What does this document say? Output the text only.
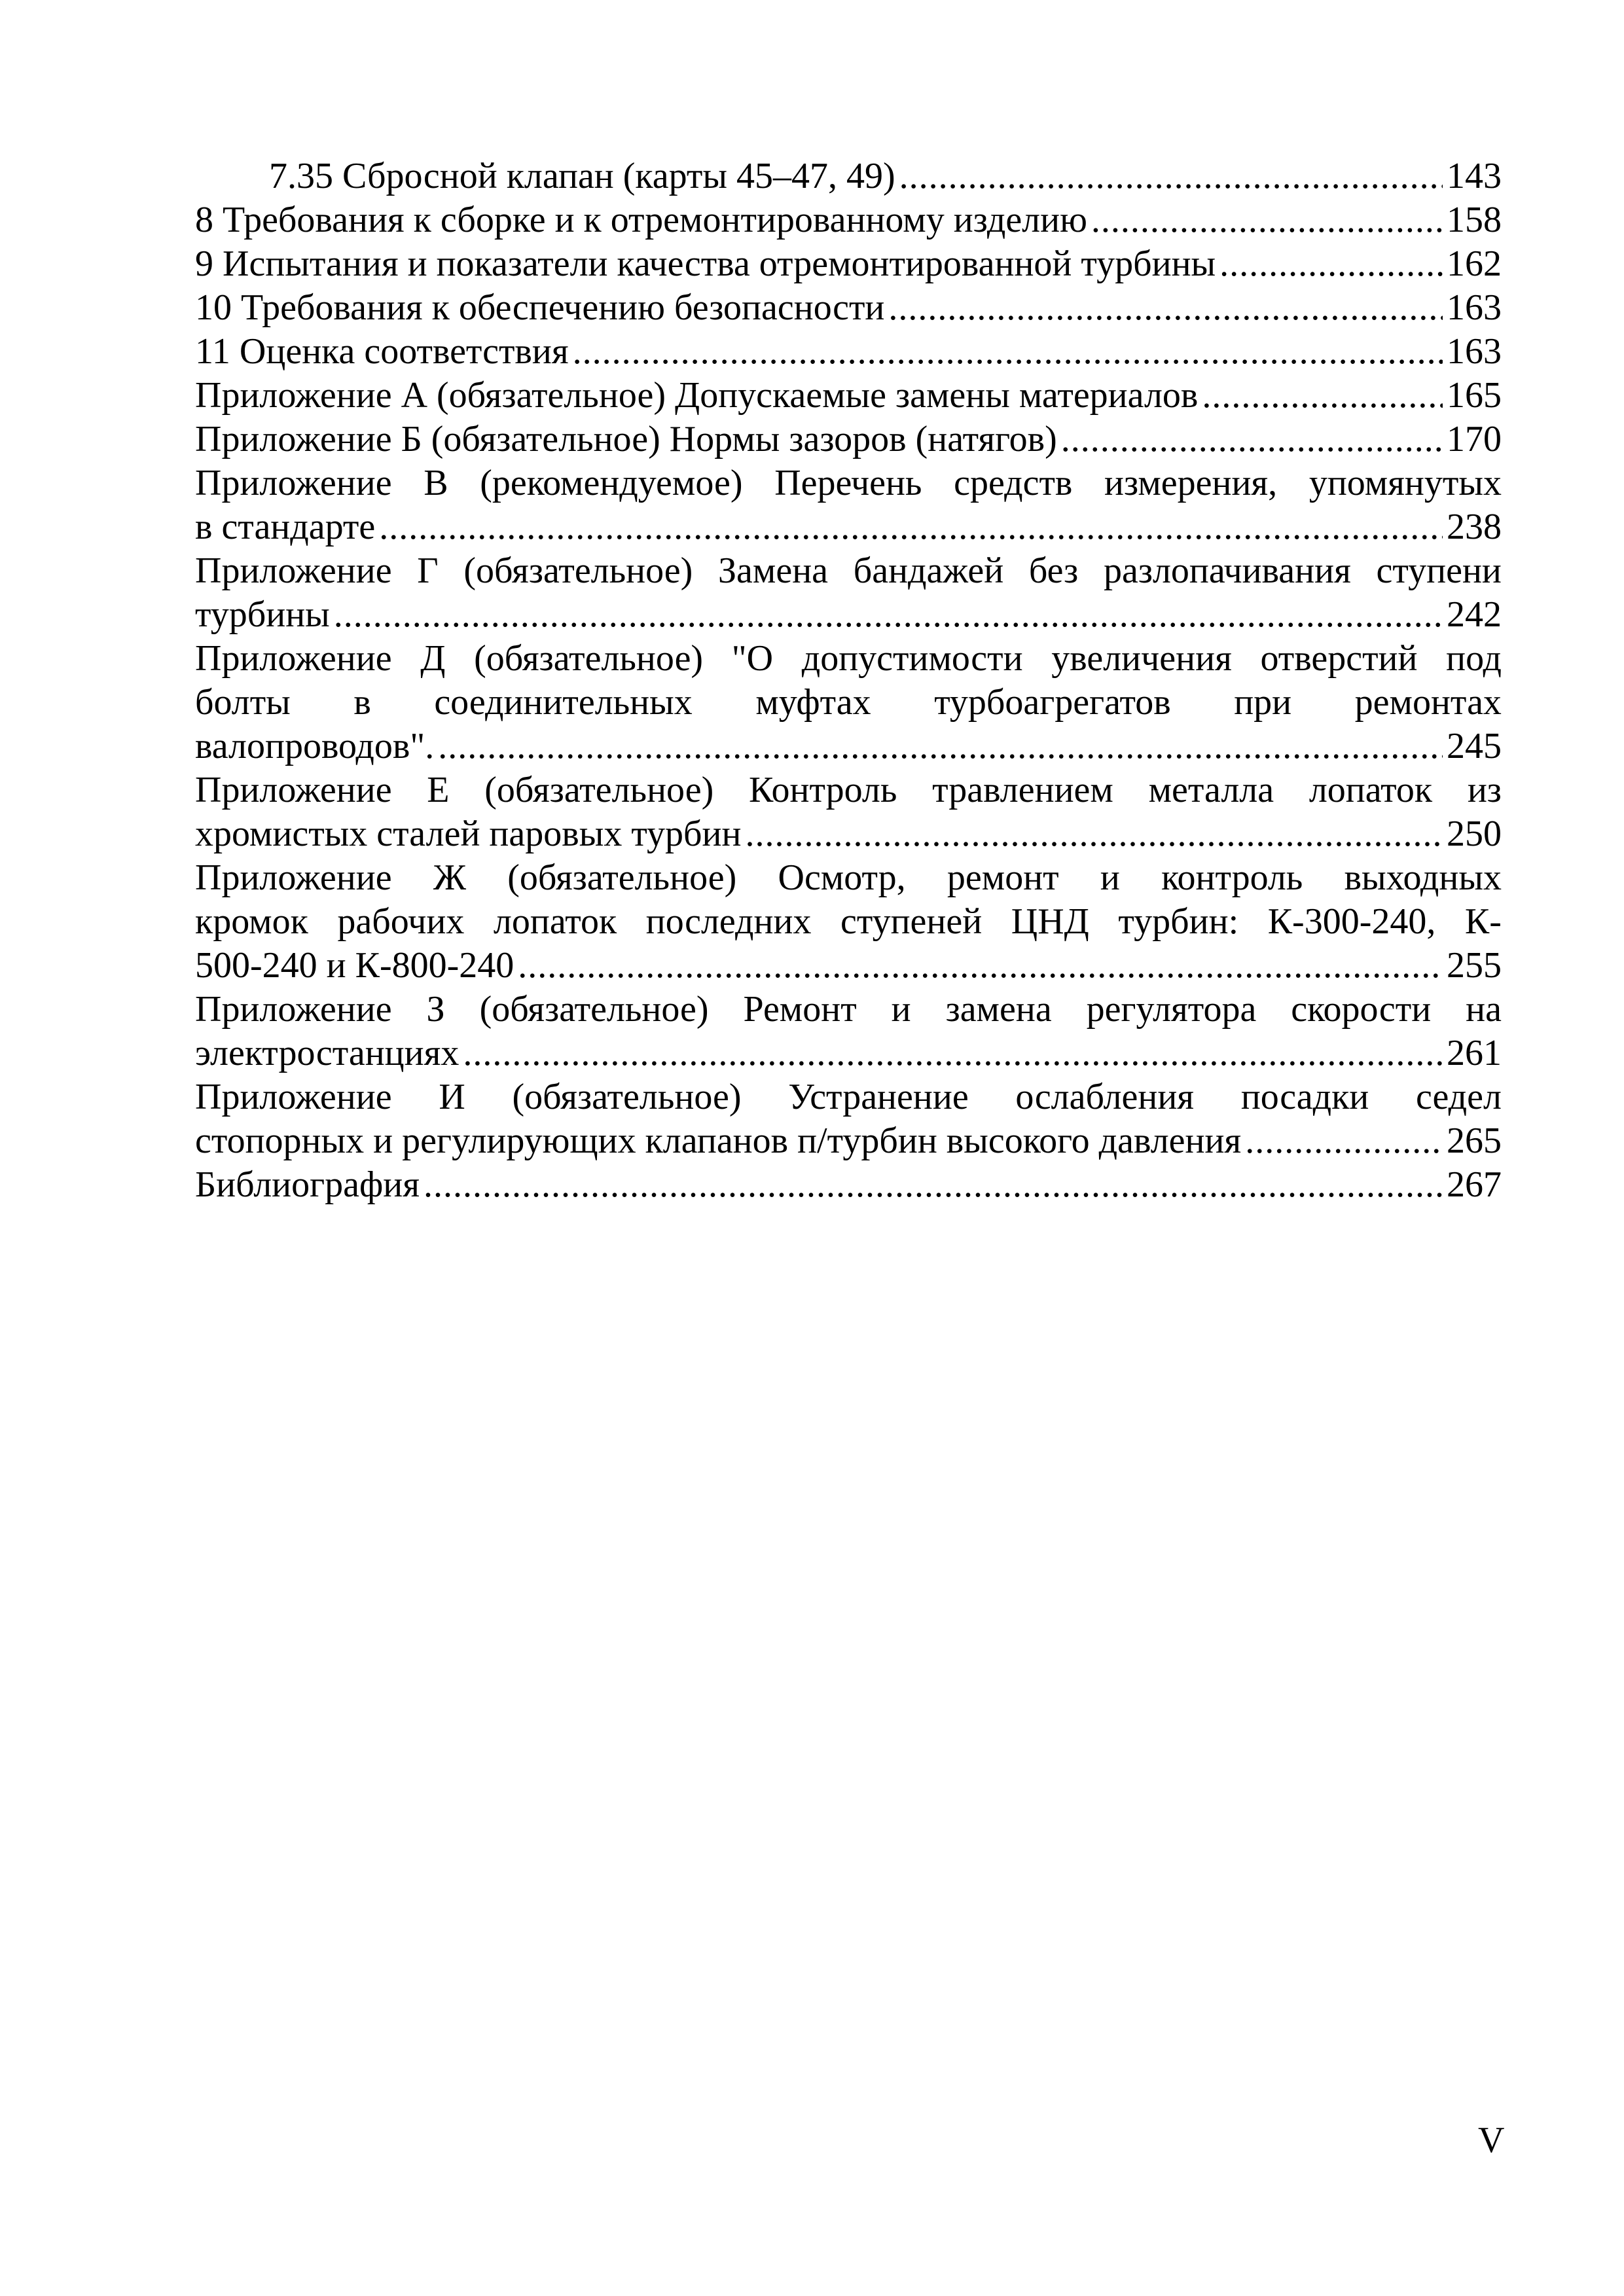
7.35 Сбросной клапан (карты 45–47, 49) .....	143
8 Требования к сборке и к отремонтированному изделию .....	158
9 Испытания и показатели качества отремонтированной турбины .....	162
10 Требования к обеспечению безопасности .....	163
11 Оценка соответствия .....	163
Приложение А (обязательное) Допускаемые замены материалов .....	165
Приложение Б (обязательное) Нормы зазоров (натягов) .....	170
Приложение В (рекомендуемое) Перечень средств измерения, упомянутых
в стандарте .....	238
Приложение Г (обязательное) Замена бандажей без разлопачивания ступени
турбины .....	242
Приложение Д (обязательное) "О допустимости увеличения отверстий под
болты в соединительных муфтах турбоагрегатов при ремонтах
валопроводов". .....	245
Приложение Е (обязательное) Контроль травлением металла лопаток из
хромистых сталей паровых турбин .....	250
Приложение Ж (обязательное) Осмотр, ремонт и контроль выходных
кромок рабочих лопаток последних ступеней ЦНД турбин: К-300-240, К-
500-240 и К-800-240 .....	255
Приложение З (обязательное) Ремонт и замена регулятора скорости на
электростанциях .....	261
Приложение И (обязательное) Устранение ослабления посадки седел
стопорных и регулирующих клапанов п/турбин высокого давления .....	265
Библиография .....	267
V
